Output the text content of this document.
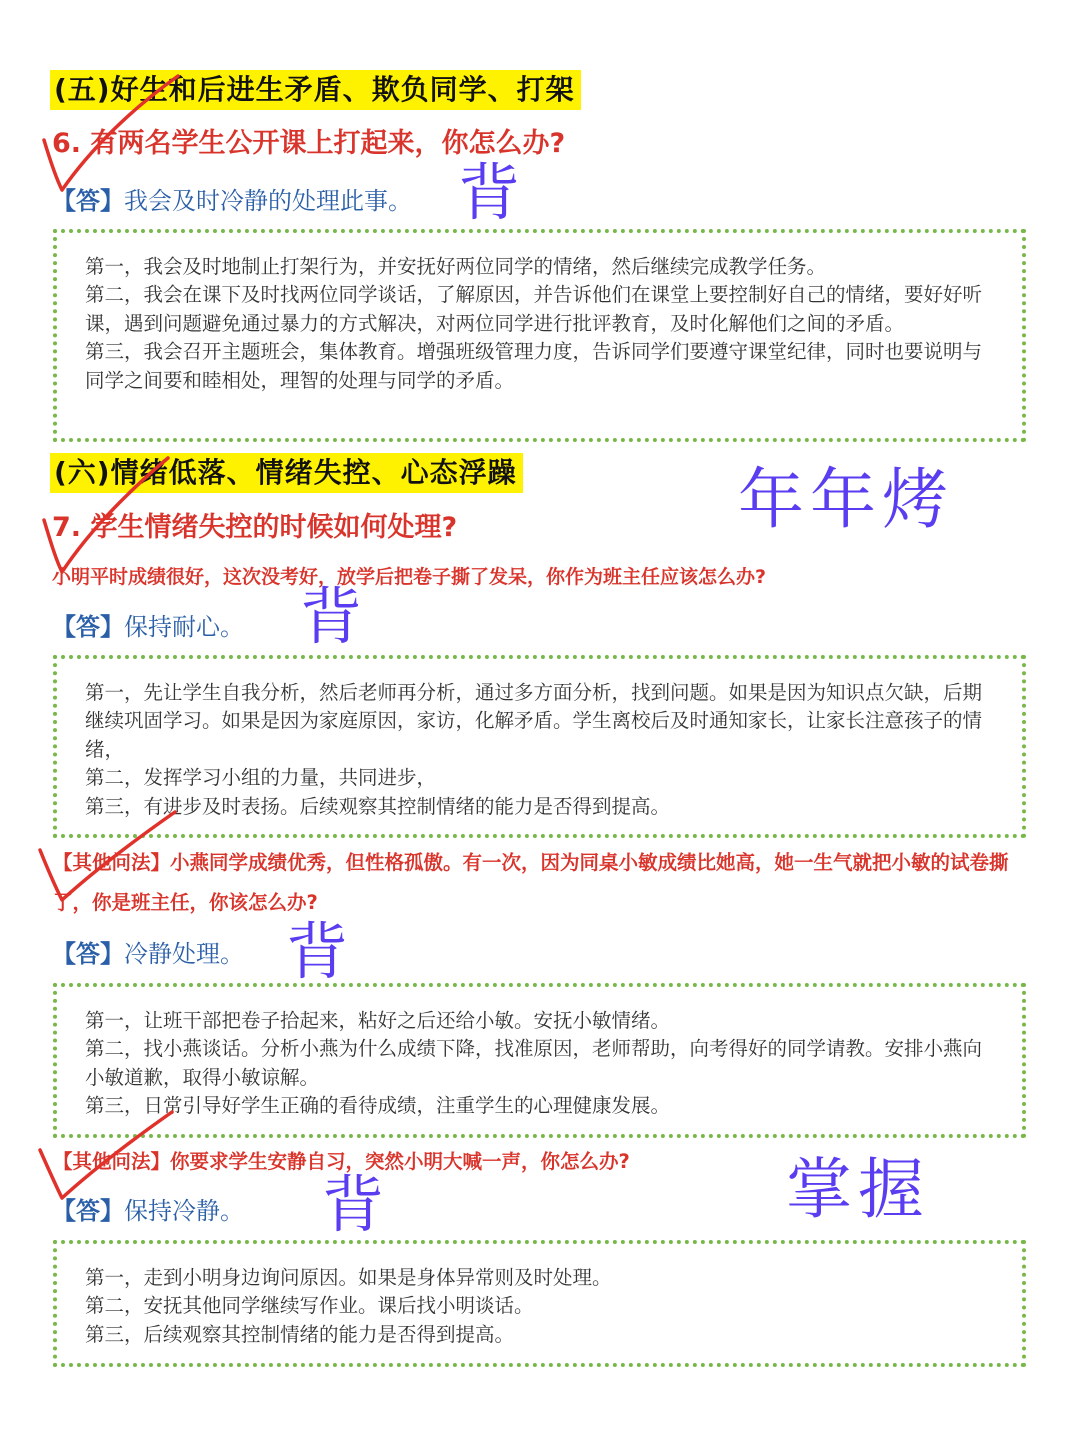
(五)好生和后进生矛盾、欺负同学、打架
6. 有两名学生公开课上打起来，你怎么办?
【答】我会及时冷静的处理此事。

第一，我会及时地制止打架行为，并安抚好两位同学的情绪，然后继续完成教学任务。

第二，我会在课下及时找两位同学谈话，了解原因，并告诉他们在课堂上要控制好自己的情绪，要好好听课，遇到问题避免通过暴力的方式解决，对两位同学进行批评教育，及时化解他们之间的矛盾。

第三，我会召开主题班会，集体教育。增强班级管理力度，告诉同学们要遵守课堂纪律，同时也要说明与同学之间要和睦相处，理智的处理与同学的矛盾。

(六)情绪低落、情绪失控、心态浮躁
7. 学生情绪失控的时候如何处理?
小明平时成绩很好，这次没考好，放学后把卷子撕了发呆，你作为班主任应该怎么办?
【答】保持耐心。

第一，先让学生自我分析，然后老师再分析，通过多方面分析，找到问题。如果是因为知识点欠缺，后期继续巩固学习。如果是因为家庭原因，家访，化解矛盾。学生离校后及时通知家长，让家长注意孩子的情绪，

第二，发挥学习小组的力量，共同进步，

第三，有进步及时表扬。后续观察其控制情绪的能力是否得到提高。

【其他问法】小燕同学成绩优秀，但性格孤傲。有一次，因为同桌小敏成绩比她高，她一生气就把小敏的试卷撕了，你是班主任，你该怎么办?
【答】冷静处理。

第一，让班干部把卷子拾起来，粘好之后还给小敏。安抚小敏情绪。

第二，找小燕谈话。分析小燕为什么成绩下降，找准原因，老师帮助，向考得好的同学请教。安排小燕向小敏道歉，取得小敏谅解。

第三，日常引导好学生正确的看待成绩，注重学生的心理健康发展。

【其他问法】你要求学生安静自习，突然小明大喊一声，你怎么办?
【答】保持冷静。

第一，走到小明身边询问原因。如果是身体异常则及时处理。

第二，安抚其他同学继续写作业。课后找小明谈话。

第三，后续观察其控制情绪的能力是否得到提高。

背
背
背
背
年年烤
掌握
